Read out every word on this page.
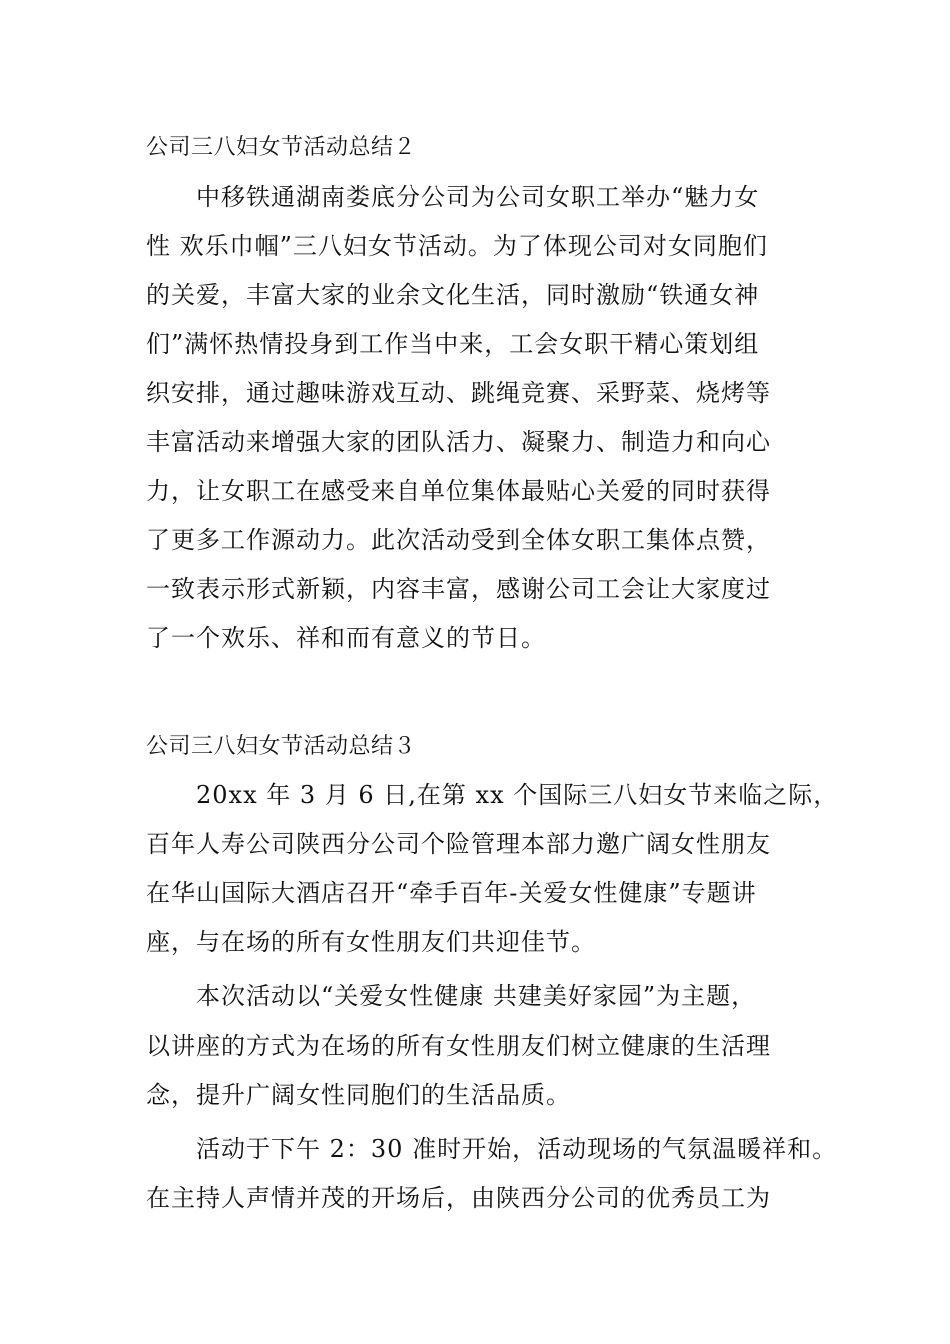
公司三八妇女节活动总结２
中移铁通湖南娄底分公司为公司女职工举办“魅力女
性 欢乐巾帼”三八妇女节活动。为了体现公司对女同胞们
的关爱，丰富大家的业余文化生活，同时激励“铁通女神
们”满怀热情投身到工作当中来，工会女职干精心策划组
织安排，通过趣味游戏互动、跳绳竞赛、采野菜、烧烤等
丰富活动来增强大家的团队活力、凝聚力、制造力和向心
力，让女职工在感受来自单位集体最贴心关爱的同时获得
了更多工作源动力。此次活动受到全体女职工集体点赞，
一致表示形式新颖，内容丰富，感谢公司工会让大家度过
了一个欢乐、祥和而有意义的节日。
公司三八妇女节活动总结３
20xx 年 3 月 6 日,在第 xx 个国际三八妇女节来临之际，
百年人寿公司陕西分公司个险管理本部力邀广阔女性朋友
在华山国际大酒店召开“牵手百年-关爱女性健康”专题讲
座，与在场的所有女性朋友们共迎佳节。
本次活动以“关爱女性健康 共建美好家园”为主题，
以讲座的方式为在场的所有女性朋友们树立健康的生活理
念，提升广阔女性同胞们的生活品质。
活动于下午 2：30 准时开始，活动现场的气氛温暖祥和。
在主持人声情并茂的开场后，由陕西分公司的优秀员工为
